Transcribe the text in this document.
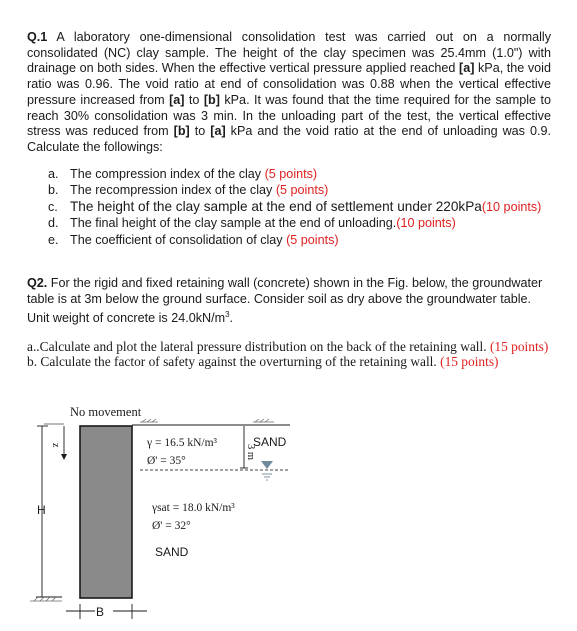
Q.1 A laboratory one-dimensional consolidation test was carried out on a normally consolidated (NC) clay sample. The height of the clay specimen was 25.4mm (1.0") with drainage on both sides. When the effective vertical pressure applied reached [a] kPa, the void ratio was 0.96. The void ratio at end of consolidation was 0.88 when the vertical effective pressure increased from [a] to [b] kPa. It was found that the time required for the sample to reach 30% consolidation was 3 min. In the unloading part of the test, the vertical effective stress was reduced from [b] to [a] kPa and the void ratio at the end of unloading was 0.9. Calculate the followings:

a. The compression index of the clay (5 points)
b. The recompression index of the clay (5 points)
c. The height of the clay sample at the end of settlement under 220kPa(10 points)
d. The final height of the clay sample at the end of unloading.(10 points)
e. The coefficient of consolidation of clay (5 points)

Q2. For the rigid and fixed retaining wall (concrete) shown in the Fig. below, the groundwater table is at 3m below the ground surface. Consider soil as dry above the groundwater table. Unit weight of concrete is $24.0kN/m^3$.

a..Calculate and plot the lateral pressure distribution on the back of the retaining wall. (15 points)

b. Calculate the factor of safety against the overturning of the retaining wall. (15 points)

No movement
z
H
B
γ = 16.5 kN/m³
Ø' = 35°
3 m
SAND
γsat = 18.0 kN/m³
Ø' = 32°
SAND
